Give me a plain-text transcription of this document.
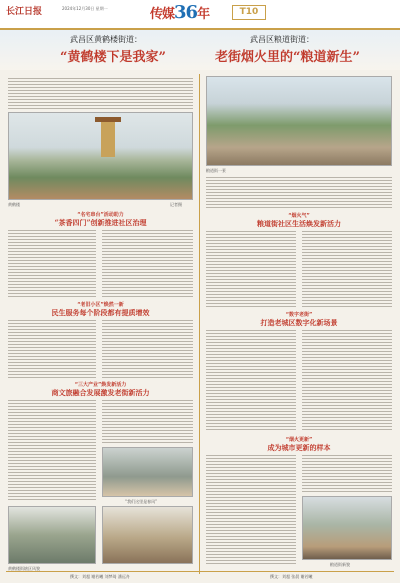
长江日报	2024年12月30日 星期一	传媒36年	T10
武昌区黄鹤楼街道：
“黄鹤楼下是我家”
武昌区粮道街道：
老街烟火里的“粮道新生”
黄鹤楼	记者摄
“名宅串台”活动助力
“茶香四门”创新推进社区治理
“老旧小区”焕然一新
民生服务每个阶段都有提质增效
“三大产业”焕发新活力
商文旅融合发展激发老街新活力
“我们这里是春风”
黄鹤楼街辖区风貌
粮道街一景
“烟火气”
粮道街社区生活焕发新活力
“数字老街”
打造老城区数字化新场景
“烟火更新”
成为城市更新的样本
粮道街新貌
撰文：刘超 谢若曦 刘梦琦 潘远舟	撰文：刘超 张晨 谢若曦
